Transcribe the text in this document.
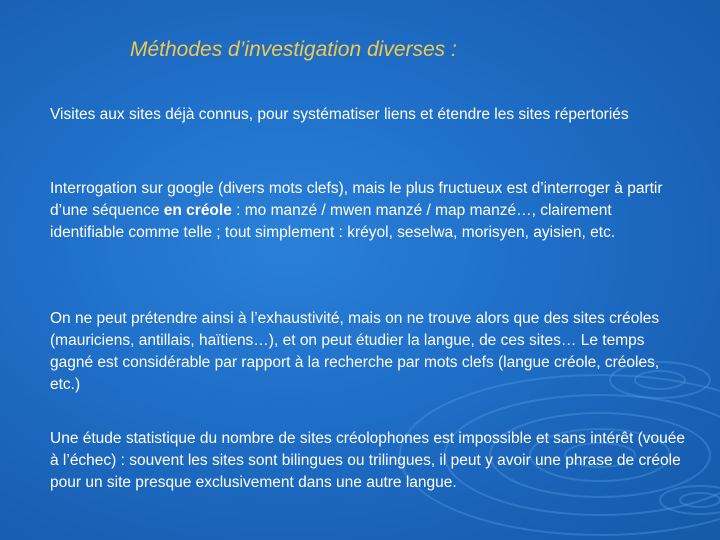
Méthodes d’investigation diverses :

Visites aux sites déjà connus, pour systématiser liens et étendre les sites répertoriés

Interrogation sur google (divers mots clefs), mais le plus fructueux est d’interroger à partir d’une séquence en créole : mo manzé / mwen manzé / map manzé…, clairement identifiable comme telle ; tout simplement : kréyol, seselwa, morisyen, ayisien, etc.

On ne peut prétendre ainsi à l’exhaustivité, mais on ne trouve alors que des sites créoles (mauriciens, antillais, haïtiens…), et on peut étudier la langue, de ces sites… Le temps gagné est considérable par rapport à la recherche par mots clefs (langue créole, créoles, etc.)

Une étude statistique du nombre de sites créolophones est impossible et sans intérêt (vouée à l’échec) : souvent les sites sont bilingues ou trilingues, il peut y avoir une phrase de créole pour un site presque exclusivement dans une autre langue.
